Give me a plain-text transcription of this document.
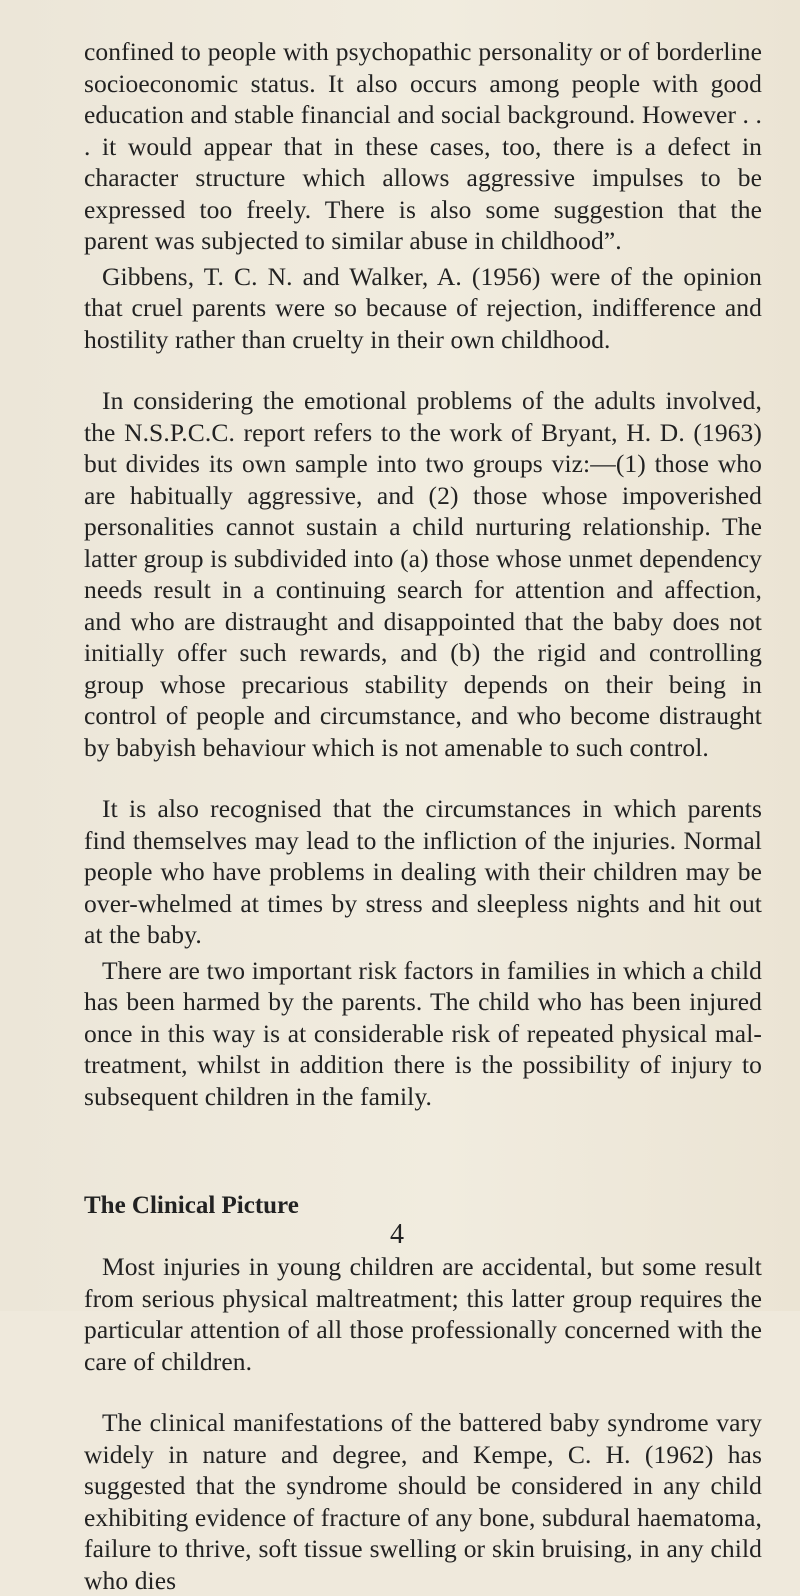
confined to people with psychopathic personality or of borderline socioeconomic status. It also occurs among people with good education and stable financial and social background. However . . . it would appear that in these cases, too, there is a defect in character structure which allows aggressive impulses to be expressed too freely. There is also some suggestion that the parent was subjected to similar abuse in childhood”.

Gibbens, T. C. N. and Walker, A. (1956) were of the opinion that cruel parents were so because of rejection, indifference and hostility rather than cruelty in their own childhood.

In considering the emotional problems of the adults involved, the N.S.P.C.C. report refers to the work of Bryant, H. D. (1963) but divides its own sample into two groups viz:—(1) those who are habitually aggressive, and (2) those whose impoverished personalities cannot sustain a child nurturing relationship. The latter group is subdivided into (a) those whose unmet dependency needs result in a continuing search for attention and affection, and who are distraught and disappointed that the baby does not initially offer such rewards, and (b) the rigid and controlling group whose precarious stability depends on their being in control of people and circumstance, and who become distraught by babyish behaviour which is not amenable to such control.

It is also recognised that the circumstances in which parents find themselves may lead to the infliction of the injuries. Normal people who have problems in dealing with their children may be over-whelmed at times by stress and sleepless nights and hit out at the baby.

There are two important risk factors in families in which a child has been harmed by the parents. The child who has been injured once in this way is at considerable risk of repeated physical mal-treatment, whilst in addition there is the possibility of injury to subsequent children in the family.

The Clinical Picture

Most injuries in young children are accidental, but some result from serious physical maltreatment; this latter group requires the particular attention of all those professionally concerned with the care of children.

The clinical manifestations of the battered baby syndrome vary widely in nature and degree, and Kempe, C. H. (1962) has suggested that the syndrome should be considered in any child exhibiting evidence of fracture of any bone, subdural haematoma, failure to thrive, soft tissue swelling or skin bruising, in any child who dies

4
